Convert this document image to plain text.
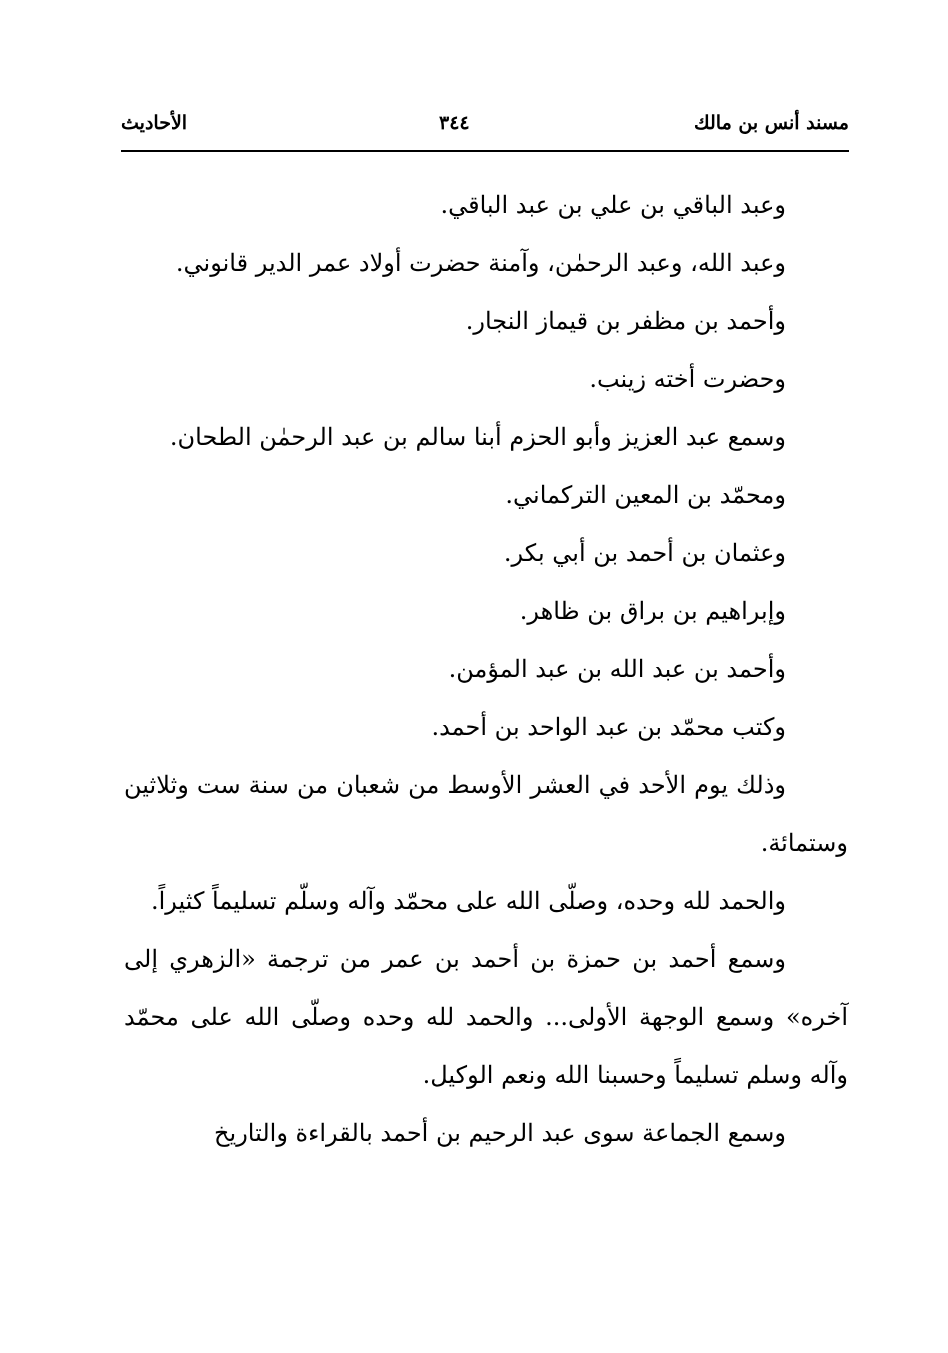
مسند أنس بن مالك
٣٤٤
الأحاديث

وعبد الباقي بن علي بن عبد الباقي.

وعبد الله، وعبد الرحمٰن، وآمنة حضرت أولاد عمر الدير قانوني.

وأحمد بن مظفر بن قيماز النجار.

وحضرت أخته زينب.

وسمع عبد العزيز وأبو الحزم أبنا سالم بن عبد الرحمٰن الطحان.

ومحمّد بن المعين التركماني.

وعثمان بن أحمد بن أبي بكر.

وإبراهيم بن براق بن ظاهر.

وأحمد بن عبد الله بن عبد المؤمن.

وكتب محمّد بن عبد الواحد بن أحمد.

وذلك يوم الأحد في العشر الأوسط من شعبان من سنة ست وثلاثين وستمائة.

والحمد لله وحده، وصلّى الله على محمّد وآله وسلّم تسليماً كثيراً.

وسمع أحمد بن حمزة بن أحمد بن عمر من ترجمة «الزهري إلى آخره» وسمع الوجهة الأولى... والحمد لله وحده وصلّى الله على محمّد وآله وسلم تسليماً وحسبنا الله ونعم الوكيل.

وسمع الجماعة سوى عبد الرحيم بن أحمد بالقراءة والتاريخ
